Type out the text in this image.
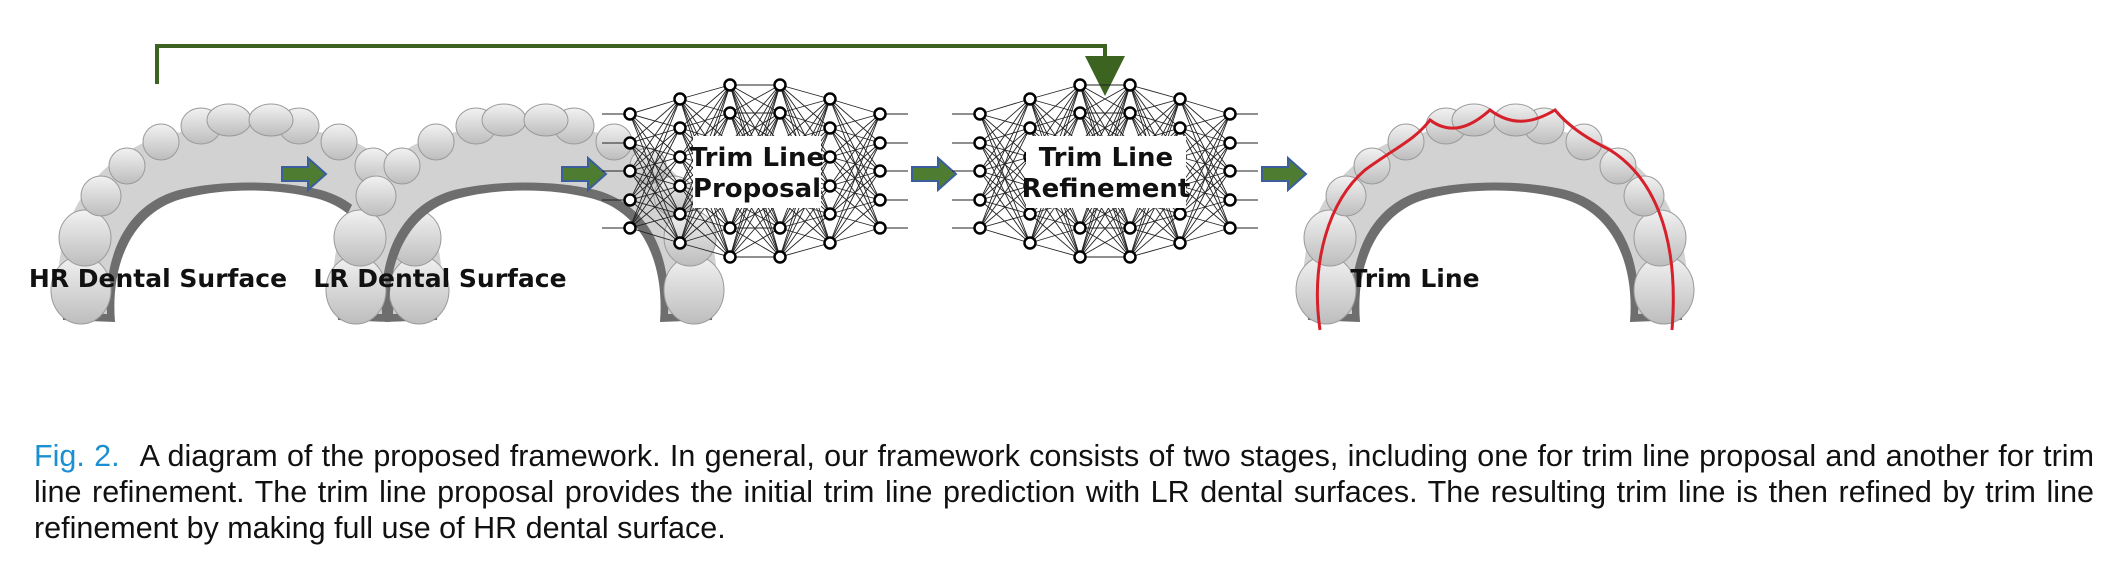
Trim Line
Proposal
Trim Line
Refinement
HR Dental Surface LR Dental Surface	Trim Line
Fig. 2. A diagram of the proposed framework. In general, our framework consists of two stages, including one for trim line proposal and another for trim line refinement. The trim line proposal provides the initial trim line prediction with LR dental surfaces. The resulting trim line is then refined by trim line refinement by making full use of HR dental surface.
